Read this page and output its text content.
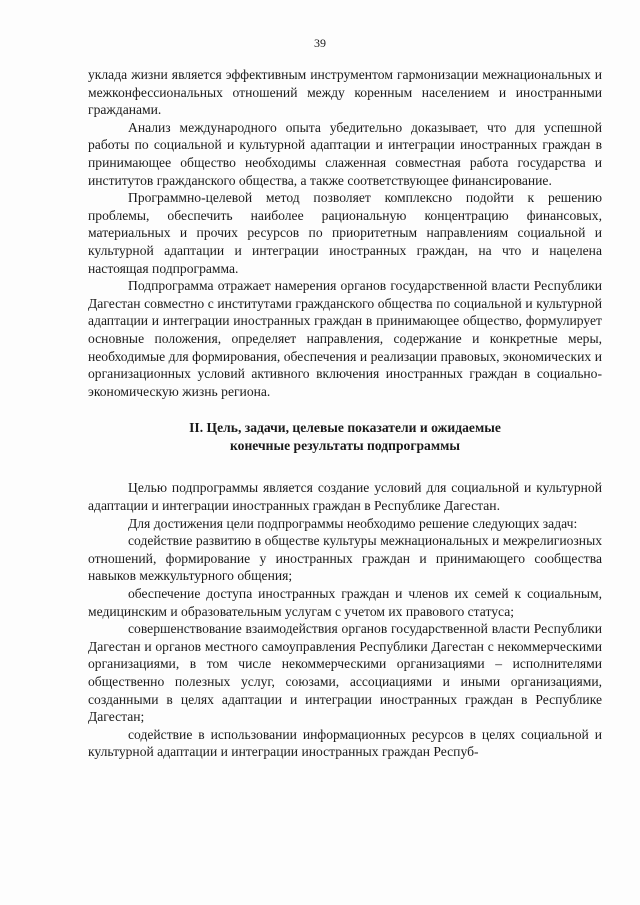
39

уклада жизни является эффективным инструментом гармонизации межнациональных и межконфессиональных отношений между коренным населением и иностранными гражданами.

Анализ международного опыта убедительно доказывает, что для успешной работы по социальной и культурной адаптации и интеграции иностранных граждан в принимающее общество необходимы слаженная совместная работа государства и институтов гражданского общества, а также соответствующее финансирование.

Программно-целевой метод позволяет комплексно подойти к решению проблемы, обеспечить наиболее рациональную концентрацию финансовых, материальных и прочих ресурсов по приоритетным направлениям социальной и культурной адаптации и интеграции иностранных граждан, на что и нацелена настоящая подпрограмма.

Подпрограмма отражает намерения органов государственной власти Республики Дагестан совместно с институтами гражданского общества по социальной и культурной адаптации и интеграции иностранных граждан в принимающее общество, формулирует основные положения, определяет направления, содержание и конкретные меры, необходимые для формирования, обеспечения и реализации правовых, экономических и организационных условий активного включения иностранных граждан в социально-экономическую жизнь региона.

II. Цель, задачи, целевые показатели и ожидаемые
конечные результаты подпрограммы

Целью подпрограммы является создание условий для социальной и культурной адаптации и интеграции иностранных граждан в Республике Дагестан.

Для достижения цели подпрограммы необходимо решение следующих задач:

содействие развитию в обществе культуры межнациональных и межрелигиозных отношений, формирование у иностранных граждан и принимающего сообщества навыков межкультурного общения;

обеспечение доступа иностранных граждан и членов их семей к социальным, медицинским и образовательным услугам с учетом их правового статуса;

совершенствование взаимодействия органов государственной власти Республики Дагестан и органов местного самоуправления Республики Дагестан с некоммерческими организациями, в том числе некоммерческими организациями – исполнителями общественно полезных услуг, союзами, ассоциациями и иными организациями, созданными в целях адаптации и интеграции иностранных граждан в Республике Дагестан;

содействие в использовании информационных ресурсов в целях социальной и культурной адаптации и интеграции иностранных граждан Респуб-
